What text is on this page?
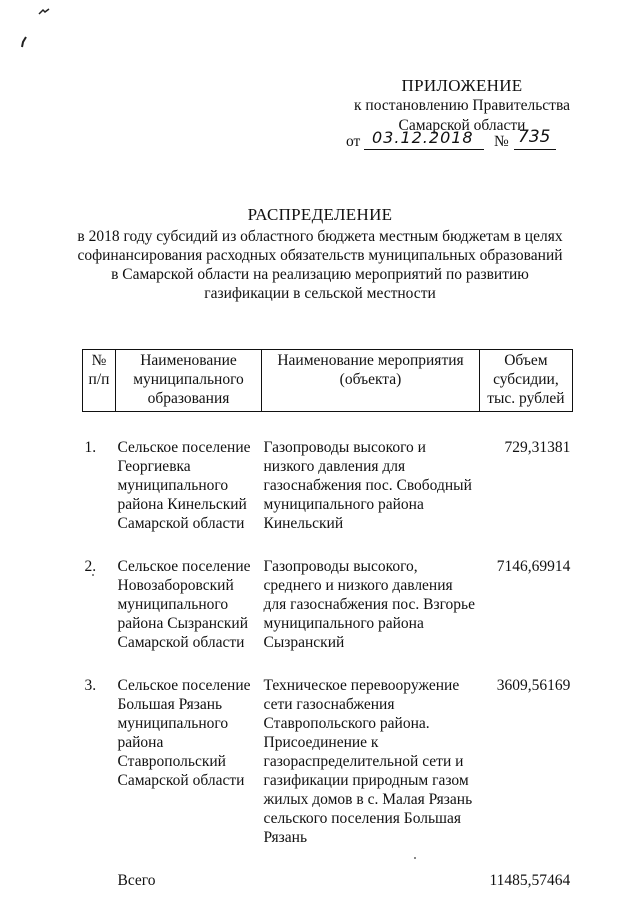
ПРИЛОЖЕНИЕ
к постановлению Правительства
Самарской области
от 03.12.2018 № 735
РАСПРЕДЕЛЕНИЕ
в 2018 году субсидий из областного бюджета местным бюджетам в целях
софинансирования расходных обязательств муниципальных образований
в Самарской области на реализацию мероприятий по развитию
газификации в сельской местности
№ п/п	Наименование муниципального образования	Наименование мероприятия (объекта)	Объем субсидии, тыс. рублей

1.	Сельское поселение Георгиевка муниципального района Кинельский Самарской области	Газопроводы высокого и низкого давления для газоснабжения пос. Свободный муниципального района Кинельский	729,31381

2.	Сельское поселение Новозаборовский муниципального района Сызранский Самарской области	Газопроводы высокого, среднего и низкого давления для газоснабжения пос. Взгорье муниципального района Сызранский	7146,69914

3.	Сельское поселение Большая Рязань муниципального района Ставропольский Самарской области	Техническое перевооружение сети газоснабжения Ставропольского района. Присоединение к газораспределительной сети и газификации природным газом жилых домов в с. Малая Рязань сельского поселения Большая Рязань	3609,56169

	Всего		11485,57464
